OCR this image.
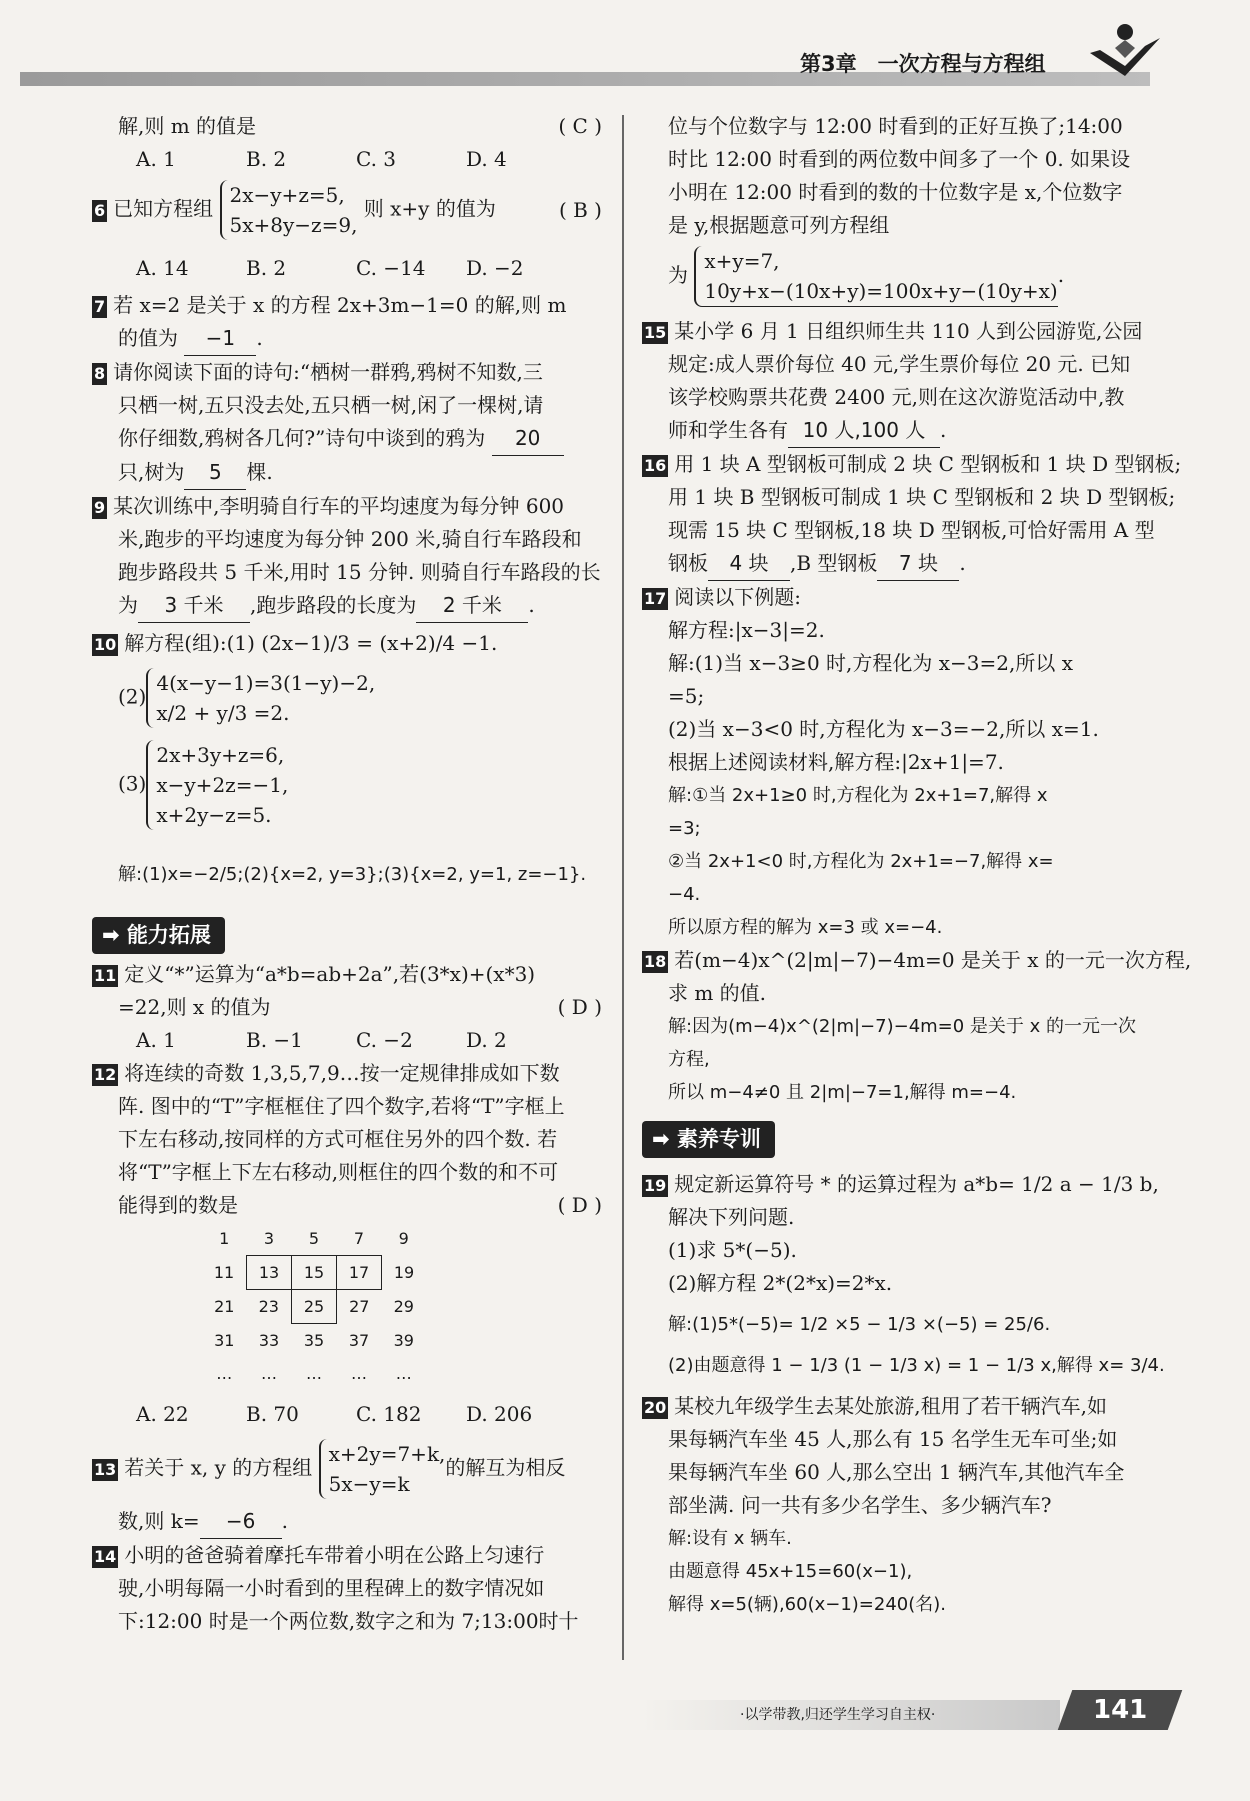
第3章　一次方程与方程组

解,则 m 的值是	( C )

A. 1	B. 2	C. 3	D. 4

6 已知方程组 2x−y+z=5,
5x+8y−z=9, 则 x+y 的值为	( B )

A. 14	B. 2	C. −14 D. −2

7 若 x=2 是关于 x 的方程 2x+3m−1=0 的解,则 m

的值为 −1 .

8 请你阅读下面的诗句:“栖树一群鸦,鸦树不知数,三

只栖一树,五只没去处,五只栖一树,闲了一棵树,请

你仔细数,鸦树各几何?”诗句中谈到的鸦为 20

只,树为 5 棵.

9 某次训练中,李明骑自行车的平均速度为每分钟 600

米,跑步的平均速度为每分钟 200 米,骑自行车路段和

跑步路段共 5 千米,用时 15 分钟. 则骑自行车路段的长

为 3 千米 ,跑步路段的长度为 2 千米 .

10 解方程(组):(1) (2x−1)/3 = (x+2)/4 −1.

(2)4(x−y−1)=3(1−y)−2,
x/2 + y/3 =2.

(3)2x+3y+z=6,
x−y+2z=−1,
x+2y−z=5.

解:(1)x=−2/5;(2){x=2, y=3};(3){x=2, y=1, z=−1}.

➡ 能力拓展

11 定义“*”运算为“a*b=ab+2a”,若(3*x)+(x*3)

=22,则 x 的值为	( D )

A. 1	B. −1	C. −2	D. 2

12 将连续的奇数 1,3,5,7,9…按一定规律排成如下数

阵. 图中的“T”字框框住了四个数字,若将“T”字框上

下左右移动,按同样的方式可框住另外的四个数. 若

将“T”字框上下左右移动,则框住的四个数的和不可

能得到的数是	( D )

1	3	5	7	9
11	13	15	17	19
21	23	25	27	29
31	33	35	37	39
…	…	…	…	…

A. 22	B. 70	C. 182 D. 206

13 若关于 x, y 的方程组 x+2y=7+k,
5x−y=k的解互为相反

数,则 k= −6 .

14 小明的爸爸骑着摩托车带着小明在公路上匀速行

驶,小明每隔一小时看到的里程碑上的数字情况如

下:12:00 时是一个两位数,数字之和为 7;13:00时十

位与个位数字与 12:00 时看到的正好互换了;14:00

时比 12:00 时看到的两位数中间多了一个 0. 如果设

小明在 12:00 时看到的数的十位数字是 x,个位数字

是 y,根据题意可列方程组

为 x+y=7,
10y+x−(10x+y)=100x+y−(10y+x).

15 某小学 6 月 1 日组织师生共 110 人到公园游览,公园

规定:成人票价每位 40 元,学生票价每位 20 元. 已知

该学校购票共花费 2400 元,则在这次游览活动中,教

师和学生各有 10 人,100 人 .

16 用 1 块 A 型钢板可制成 2 块 C 型钢板和 1 块 D 型钢板;

用 1 块 B 型钢板可制成 1 块 C 型钢板和 2 块 D 型钢板;

现需 15 块 C 型钢板,18 块 D 型钢板,可恰好需用 A 型

钢板 4 块 ,B 型钢板 7 块 .

17 阅读以下例题:

解方程:|x−3|=2.

解:(1)当 x−3≥0 时,方程化为 x−3=2,所以 x

=5;

(2)当 x−3<0 时,方程化为 x−3=−2,所以 x=1.

根据上述阅读材料,解方程:|2x+1|=7.

解:①当 2x+1≥0 时,方程化为 2x+1=7,解得 x

=3;

②当 2x+1<0 时,方程化为 2x+1=−7,解得 x=

−4.

所以原方程的解为 x=3 或 x=−4.

18 若(m−4)x^(2|m|−7)−4m=0 是关于 x 的一元一次方程,

求 m 的值.

解:因为(m−4)x^(2|m|−7)−4m=0 是关于 x 的一元一次

方程,

所以 m−4≠0 且 2|m|−7=1,解得 m=−4.

➡ 素养专训

19 规定新运算符号 * 的运算过程为 a*b= 1/2 a − 1/3 b,

解决下列问题.

(1)求 5*(−5).

(2)解方程 2*(2*x)=2*x.

解:(1)5*(−5)= 1/2 ×5 − 1/3 ×(−5) = 25/6.

(2)由题意得 1 − 1/3 (1 − 1/3 x) = 1 − 1/3 x,解得 x= 3/4.

20 某校九年级学生去某处旅游,租用了若干辆汽车,如

果每辆汽车坐 45 人,那么有 15 名学生无车可坐;如

果每辆汽车坐 60 人,那么空出 1 辆汽车,其他汽车全

部坐满. 问一共有多少名学生、多少辆汽车?

解:设有 x 辆车.

由题意得 45x+15=60(x−1),

解得 x=5(辆),60(x−1)=240(名).

·以学带教,归还学生学习自主权·	141
